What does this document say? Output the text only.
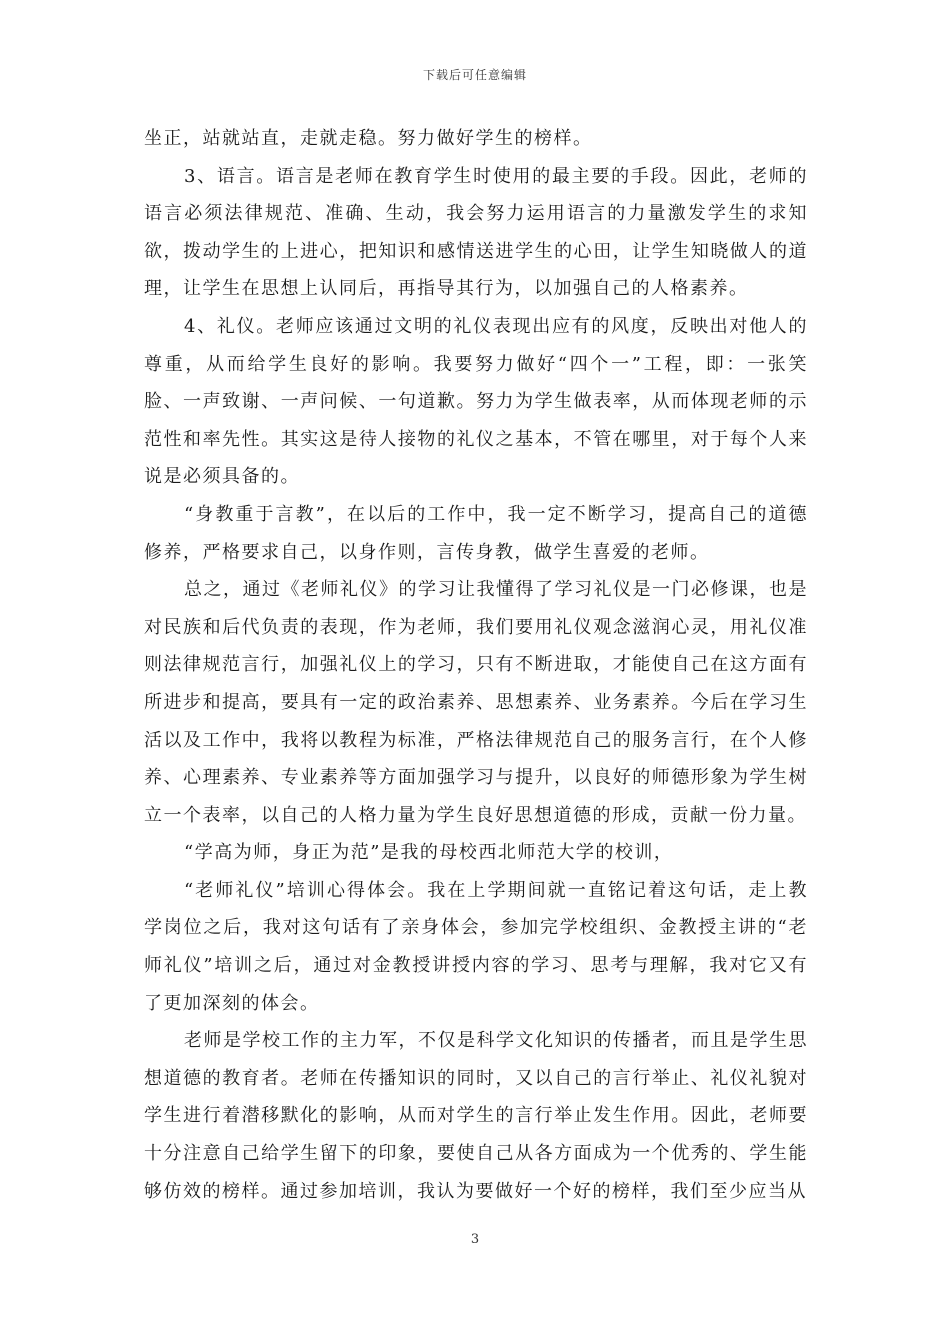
下载后可任意编辑

坐正，站就站直，走就走稳。努力做好学生的榜样。

3、语言。语言是老师在教育学生时使用的最主要的手段。因此，老师的语言必须法律规范、准确、生动，我会努力运用语言的力量激发学生的求知欲，拨动学生的上进心，把知识和感情送进学生的心田，让学生知晓做人的道理，让学生在思想上认同后，再指导其行为，以加强自己的人格素养。

4、礼仪。老师应该通过文明的礼仪表现出应有的风度，反映出对他人的尊重，从而给学生良好的影响。我要努力做好“四个一”工程，即：一张笑脸、一声致谢、一声问候、一句道歉。努力为学生做表率，从而体现老师的示范性和率先性。其实这是待人接物的礼仪之基本，不管在哪里，对于每个人来说是必须具备的。

“身教重于言教”，在以后的工作中，我一定不断学习，提高自己的道德修养，严格要求自己，以身作则，言传身教，做学生喜爱的老师。

总之，通过《老师礼仪》的学习让我懂得了学习礼仪是一门必修课，也是对民族和后代负责的表现，作为老师，我们要用礼仪观念滋润心灵，用礼仪准则法律规范言行，加强礼仪上的学习，只有不断进取，才能使自己在这方面有所进步和提高，要具有一定的政治素养、思想素养、业务素养。今后在学习生活以及工作中，我将以教程为标准，严格法律规范自己的服务言行，在个人修养、心理素养、专业素养等方面加强学习与提升，以良好的师德形象为学生树立一个表率，以自己的人格力量为学生良好思想道德的形成，贡献一份力量。

“学高为师，身正为范”是我的母校西北师范大学的校训，

“老师礼仪”培训心得体会。我在上学期间就一直铭记着这句话，走上教学岗位之后，我对这句话有了亲身体会，参加完学校组织、金教授主讲的“老师礼仪”培训之后，通过对金教授讲授内容的学习、思考与理解，我对它又有了更加深刻的体会。

老师是学校工作的主力军，不仅是科学文化知识的传播者，而且是学生思想道德的教育者。老师在传播知识的同时，又以自己的言行举止、礼仪礼貌对学生进行着潜移默化的影响，从而对学生的言行举止发生作用。因此，老师要十分注意自己给学生留下的印象，要使自己从各方面成为一个优秀的、学生能够仿效的榜样。通过参加培训，我认为要做好一个好的榜样，我们至少应当从

3
